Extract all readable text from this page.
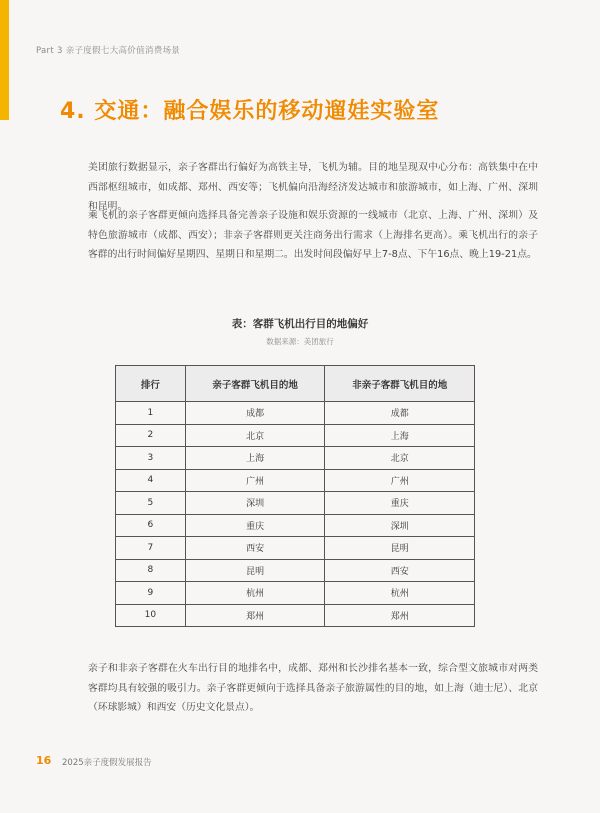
Part 3 亲子度假七大高价值消费场景
4. 交通：融合娱乐的移动遛娃实验室
美团旅行数据显示，亲子客群出行偏好为高铁主导，飞机为辅。目的地呈现双中心分布：高铁集中在中西部枢纽城市，如成都、郑州、西安等；飞机偏向沿海经济发达城市和旅游城市，如上海、广州、深圳和昆明。
乘飞机的亲子客群更倾向选择具备完善亲子设施和娱乐资源的一线城市（北京、上海、广州、深圳）及特色旅游城市（成都、西安）；非亲子客群则更关注商务出行需求（上海排名更高）。乘飞机出行的亲子客群的出行时间偏好星期四、星期日和星期二。出发时间段偏好早上7-8点、下午16点、晚上19-21点。
表：客群飞机出行目的地偏好
数据来源：美团旅行
排行	亲子客群飞机目的地	非亲子客群飞机目的地
1	成都	成都
2	北京	上海
3	上海	北京
4	广州	广州
5	深圳	重庆
6	重庆	深圳
7	西安	昆明
8	昆明	西安
9	杭州	杭州
10	郑州	郑州
亲子和非亲子客群在火车出行目的地排名中，成都、郑州和长沙排名基本一致，综合型文旅城市对两类客群均具有较强的吸引力。亲子客群更倾向于选择具备亲子旅游属性的目的地，如上海（迪士尼）、北京（环球影城）和西安（历史文化景点）。
16 2025亲子度假发展报告
